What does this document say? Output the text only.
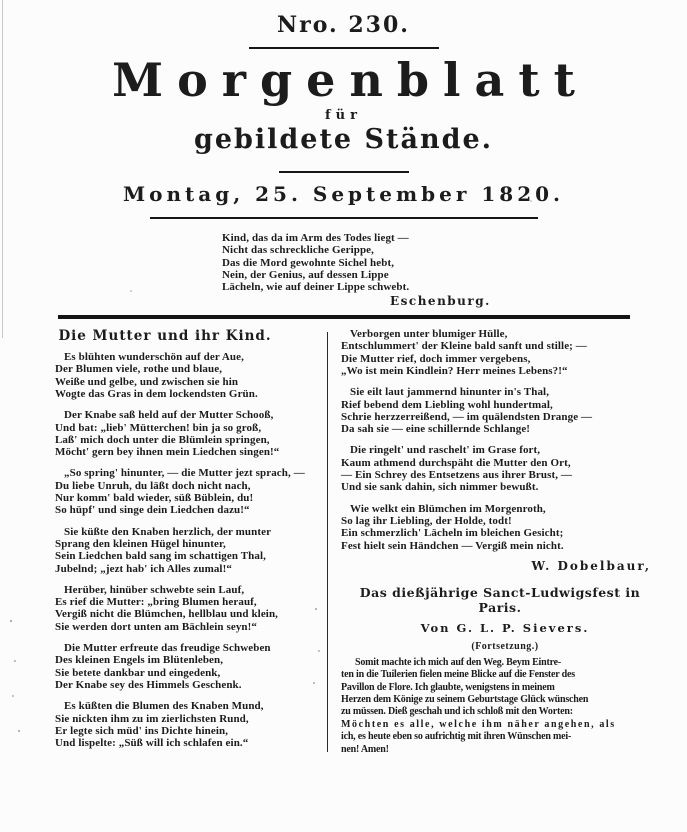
Nro. 230.
Morgenblatt
für
gebildete Stände.
Montag, 25. September 1820.
Kind, das da im Arm des Todes liegt —
Nicht das schreckliche Gerippe,
Das die Mord gewohnte Sichel hebt,
Nein, der Genius, auf dessen Lippe
Lächeln, wie auf deiner Lippe schwebt.
Eschenburg.
Die Mutter und ihr Kind.
Es blühten wunderschön auf der Aue,
Der Blumen viele, rothe und blaue,
Weiße und gelbe, und zwischen sie hin
Wogte das Gras in dem lockendsten Grün.
Der Knabe saß held auf der Mutter Schooß,
Und bat: „lieb' Mütterchen! bin ja so groß,
Laß' mich doch unter die Blümlein springen,
Möcht' gern bey ihnen mein Liedchen singen!“
„So spring' hinunter, — die Mutter jezt sprach, —
Du liebe Unruh, du läßt doch nicht nach,
Nur komm' bald wieder, süß Büblein, du!
So hüpf' und singe dein Liedchen dazu!“
Sie küßte den Knaben herzlich, der munter
Sprang den kleinen Hügel hinunter,
Sein Liedchen bald sang im schattigen Thal,
Jubelnd; „jezt hab' ich Alles zumal!“
Herüber, hinüber schwebte sein Lauf,
Es rief die Mutter: „bring Blumen herauf,
Vergiß nicht die Blümchen, hellblau und klein,
Sie werden dort unten am Bächlein seyn!“
Die Mutter erfreute das freudige Schweben
Des kleinen Engels im Blütenleben,
Sie betete dankbar und eingedenk,
Der Knabe sey des Himmels Geschenk.
Es küßten die Blumen des Knaben Mund,
Sie nickten ihm zu im zierlichsten Rund,
Er legte sich müd' ins Dichte hinein,
Und lispelte: „Süß will ich schlafen ein.“
Verborgen unter blumiger Hülle,
Entschlummert' der Kleine bald sanft und stille; —
Die Mutter rief, doch immer vergebens,
„Wo ist mein Kindlein? Herr meines Lebens?!“
Sie eilt laut jammernd hinunter in's Thal,
Rief bebend dem Liebling wohl hundertmal,
Schrie herzzerreißend, — im quälendsten Drange —
Da sah sie — eine schillernde Schlange!
Die ringelt' und raschelt' im Grase fort,
Kaum athmend durchspäht die Mutter den Ort,
— Ein Schrey des Entsetzens aus ihrer Brust, —
Und sie sank dahin, sich nimmer bewußt.
Wie welkt ein Blümchen im Morgenroth,
So lag ihr Liebling, der Holde, todt!
Ein schmerzlich' Lächeln im bleichen Gesicht;
Fest hielt sein Händchen — Vergiß mein nicht.
W. Dobelbaur,
Das dießjährige Sanct-Ludwigsfest in Paris.
Von G. L. P. Sievers.
(Fortsetzung.)
Somit machte ich mich auf den Weg. Beym Eintre-
ten in die Tuilerien fielen meine Blicke auf die Fenster des
Pavillon de Flore. Ich glaubte, wenigstens in meinem
Herzen dem Könige zu seinem Geburtstage Glück wünschen
zu müssen. Dieß geschah und ich schloß mit den Worten:
Möchten es alle, welche ihm näher angehen, als
ich, es heute eben so aufrichtig mit ihren Wünschen mei-
nen! Amen!
